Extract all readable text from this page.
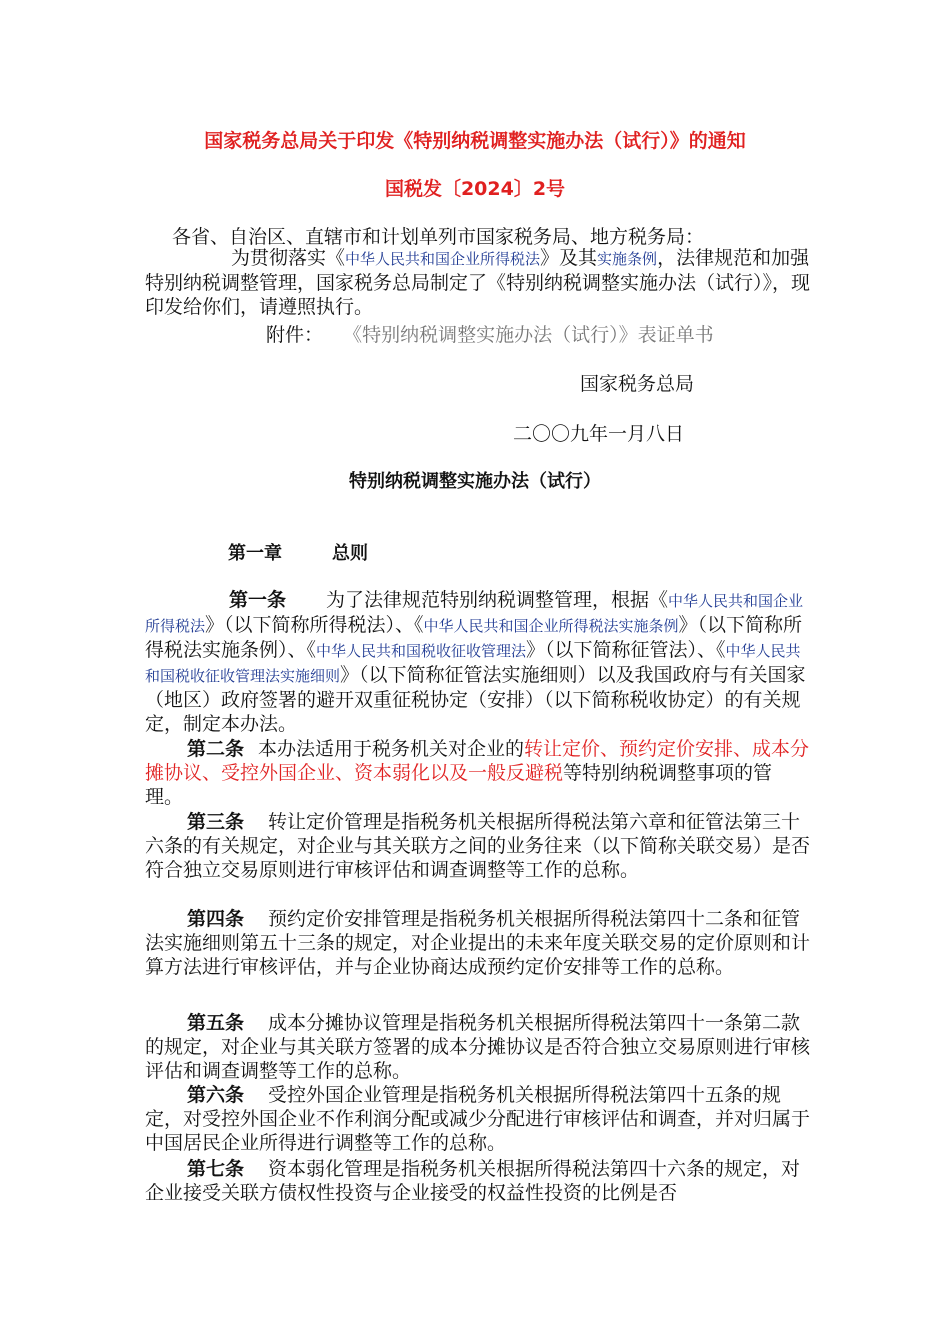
国家税务总局关于印发《特别纳税调整实施办法（试行）》的通知
国税发〔2024〕2号
各省、自治区、直辖市和计划单列市国家税务局、地方税务局：
为贯彻落实《中华人民共和国企业所得税法》及其实施条例，法律规范和加强特别纳税调整管理，国家税务总局制定了《特别纳税调整实施办法（试行）》，现印发给你们，请遵照执行。
附件： 《特别纳税调整实施办法（试行）》表证单书
国家税务总局
二〇〇九年一月八日
特别纳税调整实施办法（试行）
第一章	总则
第一条 为了法律规范特别纳税调整管理，根据《中华人民共和国企业所得税法》（以下简称所得税法）、《中华人民共和国企业所得税法实施条例》（以下简称所得税法实施条例）、《中华人民共和国税收征收管理法》（以下简称征管法）、《中华人民共和国税收征收管理法实施细则》（以下简称征管法实施细则）以及我国政府与有关国家（地区）政府签署的避开双重征税协定（安排）（以下简称税收协定）的有关规定，制定本办法。
第二条 本办法适用于税务机关对企业的转让定价、预约定价安排、成本分摊协议、受控外国企业、资本弱化以及一般反避税等特别纳税调整事项的管理。
第三条 转让定价管理是指税务机关根据所得税法第六章和征管法第三十六条的有关规定，对企业与其关联方之间的业务往来（以下简称关联交易）是否符合独立交易原则进行审核评估和调查调整等工作的总称。
第四条 预约定价安排管理是指税务机关根据所得税法第四十二条和征管法实施细则第五十三条的规定，对企业提出的未来年度关联交易的定价原则和计算方法进行审核评估，并与企业协商达成预约定价安排等工作的总称。
第五条 成本分摊协议管理是指税务机关根据所得税法第四十一条第二款的规定，对企业与其关联方签署的成本分摊协议是否符合独立交易原则进行审核评估和调查调整等工作的总称。
第六条 受控外国企业管理是指税务机关根据所得税法第四十五条的规定，对受控外国企业不作利润分配或减少分配进行审核评估和调查，并对归属于中国居民企业所得进行调整等工作的总称。
第七条 资本弱化管理是指税务机关根据所得税法第四十六条的规定，对企业接受关联方债权性投资与企业接受的权益性投资的比例是否
